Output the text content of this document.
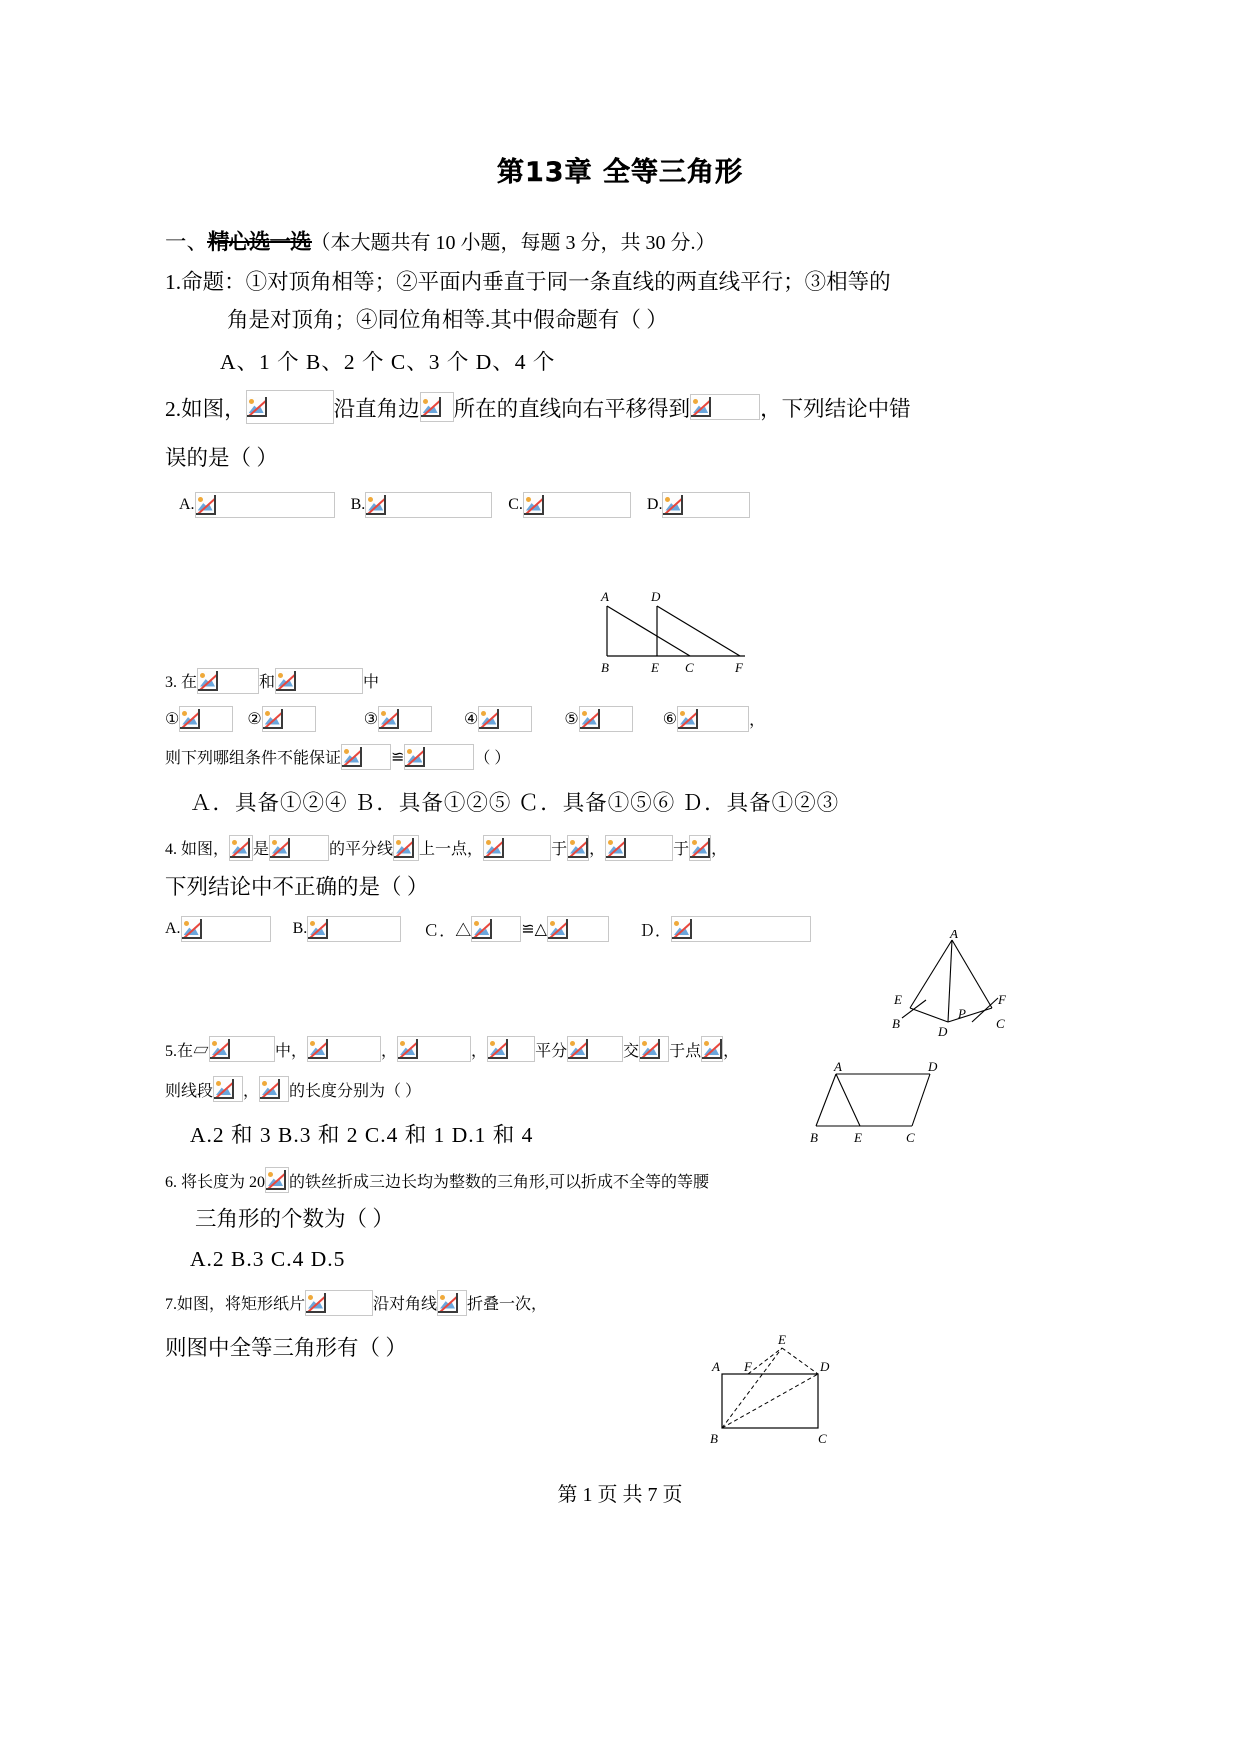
第13章 全等三角形
一、 精心选一选 （本大题共有 10 小题，每题 3 分，共 30 分.）
1.命题：①对顶角相等；②平面内垂直于同一条直线的两直线平行；③相等的
角是对顶角；④同位角相等.其中假命题有（ ）
A、1 个 B、2 个 C、3 个 D、4 个
2.如图，	沿直角边 所在的直线向右平移得到	，下列结论中错
误的是（ ）
A.	B.	C.	D.
3. 在	和	中
①	②	③	④	⑤	⑥	，
则下列哪组条件不能保证	≌	（ ）
Ａ．具备①②④ Ｂ．具备①②⑤ Ｃ．具备①⑤⑥ Ｄ．具备①②③
4. 如图， 是	的平分线 上一点，	于 ，	于 ，
下列结论中不正确的是（ ）
A.	B.	Ｃ．△	≌△	Ｄ．
5.在▱	中，	，	，	平分	交 于点 ，
则线段 ， 的长度分别为（ ）
A.2 和 3 B.3 和 2 C.4 和 1 D.1 和 4
6. 将长度为 20 的铁丝折成三边长均为整数的三角形,可以折成不全等的等腰
三角形的个数为（ ）
A.2 B.3 C.4 D.5
7.如图，将矩形纸片	沿对角线 折叠一次，
则图中全等三角形有（ ）
A	D
B	E C	F
A
E	F
B
D
P
C
A	D
B	E	C
E
A F	D
B	C
第 1 页 共 7 页
